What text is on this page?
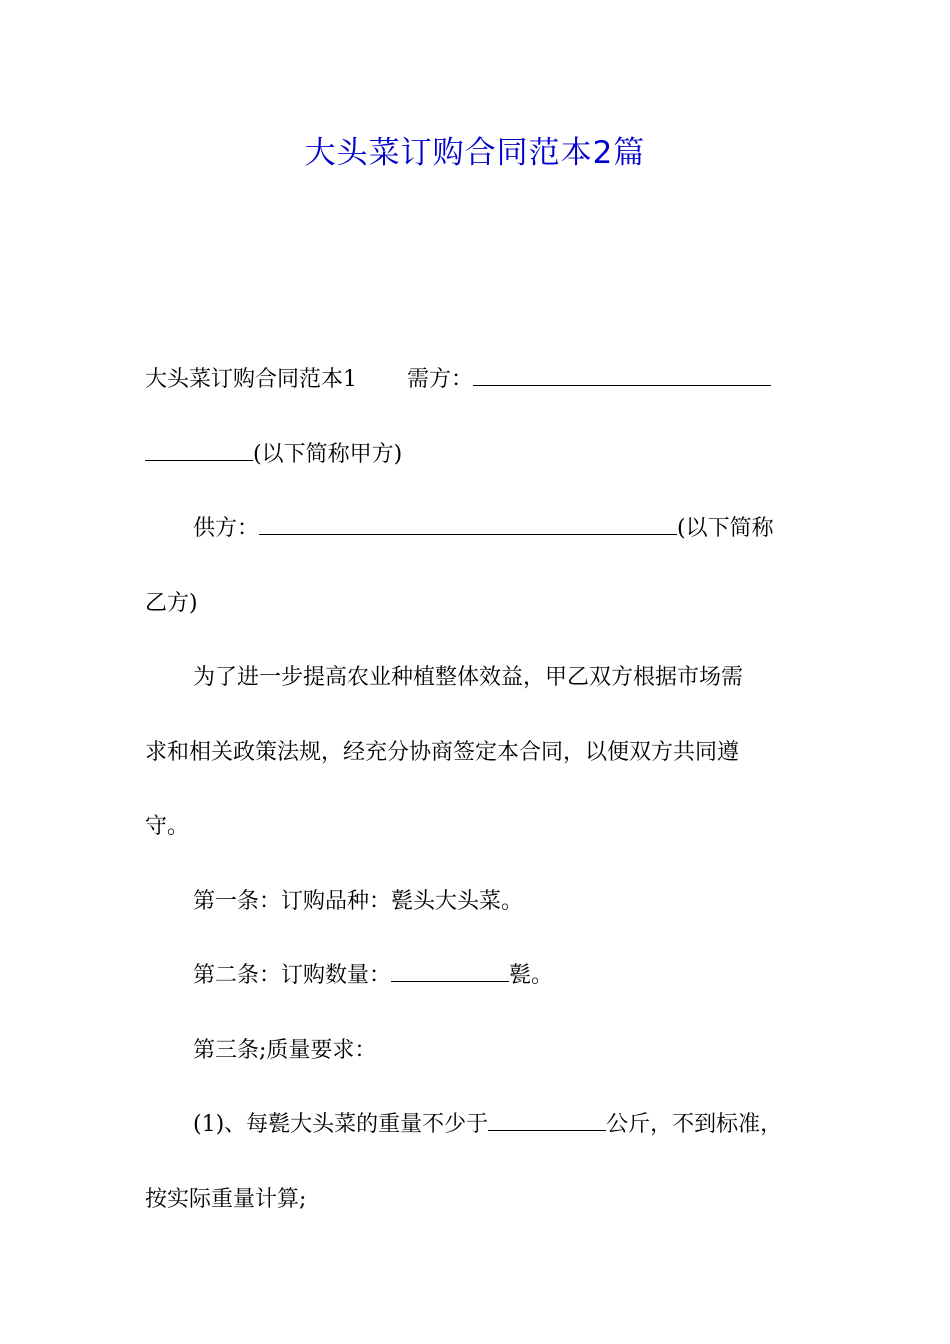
大头菜订购合同范本2篇
大头菜订购合同范本1 需方：
(以下简称甲方)
供方：	(以下简称
乙方)
为了进一步提高农业种植整体效益，甲乙双方根据市场需
求和相关政策法规，经充分协商签定本合同，以便双方共同遵
守。
第一条：订购品种：甏头大头菜。
第二条：订购数量：	甏。
第三条;质量要求：
(1)、每甏大头菜的重量不少于	公斤，不到标准，
按实际重量计算;
